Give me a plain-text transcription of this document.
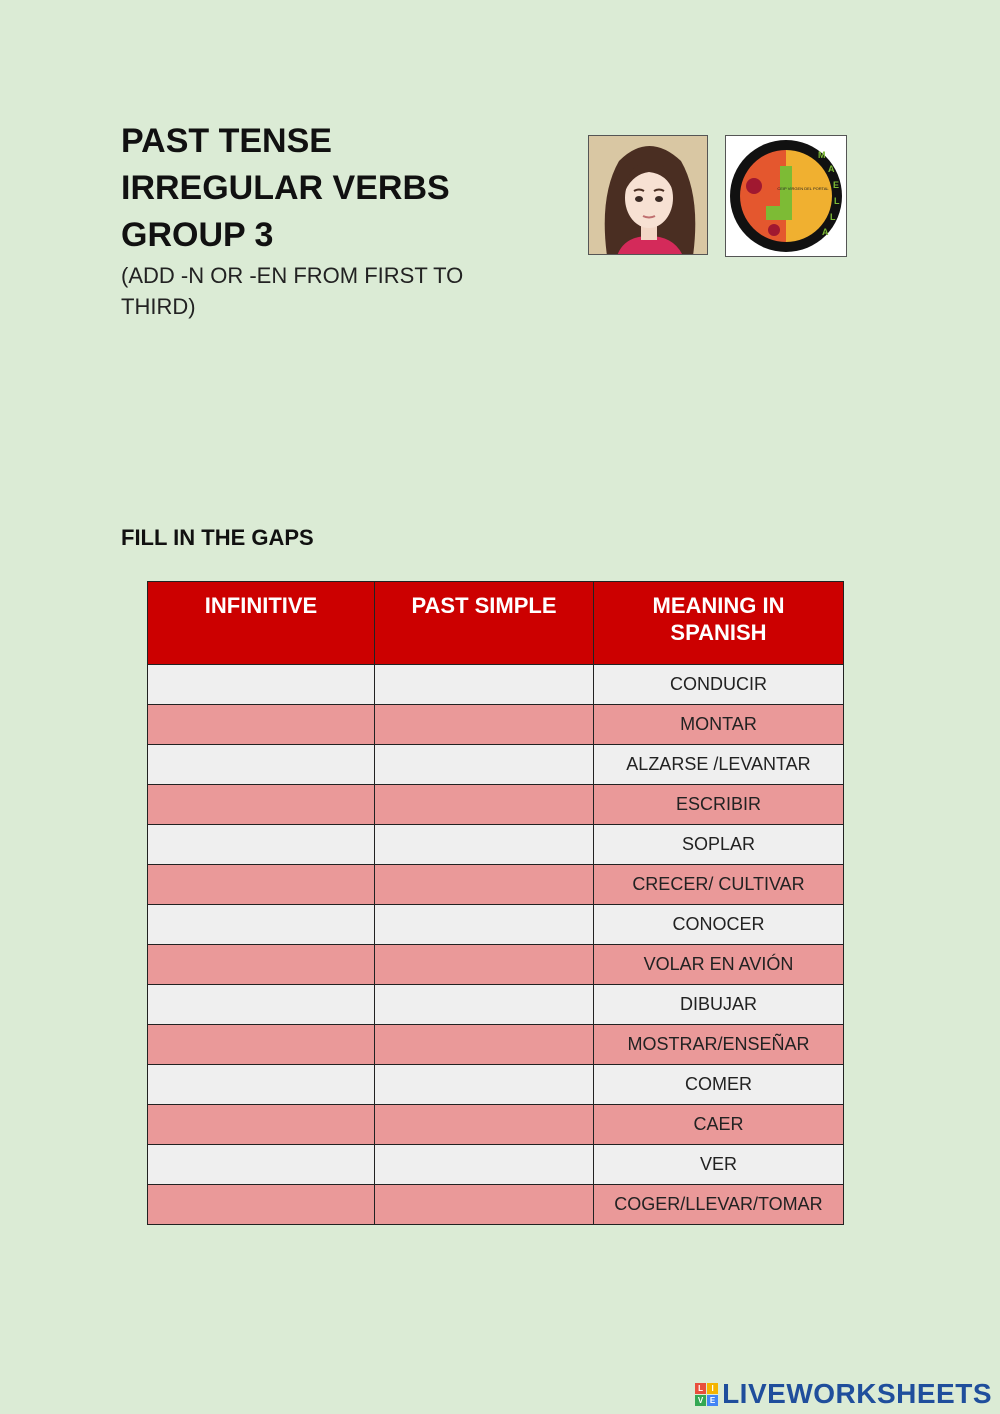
PAST TENSE
IRREGULAR VERBS
GROUP 3
(ADD -N OR -EN FROM FIRST TO THIRD)
M
A
E
L
L
A
CEIP VIRGEN DEL PORTAL
FILL IN THE GAPS
INFINITIVE	PAST SIMPLE	MEANING IN SPANISH
		CONDUCIR
		MONTAR
		ALZARSE /LEVANTAR
		ESCRIBIR
		SOPLAR
		CRECER/ CULTIVAR
		CONOCER
		VOLAR EN AVIÓN
		DIBUJAR
		MOSTRAR/ENSEÑAR
		COMER
		CAER
		VER
		COGER/LLEVAR/TOMAR
L	I
V E LIVEWORKSHEETS
